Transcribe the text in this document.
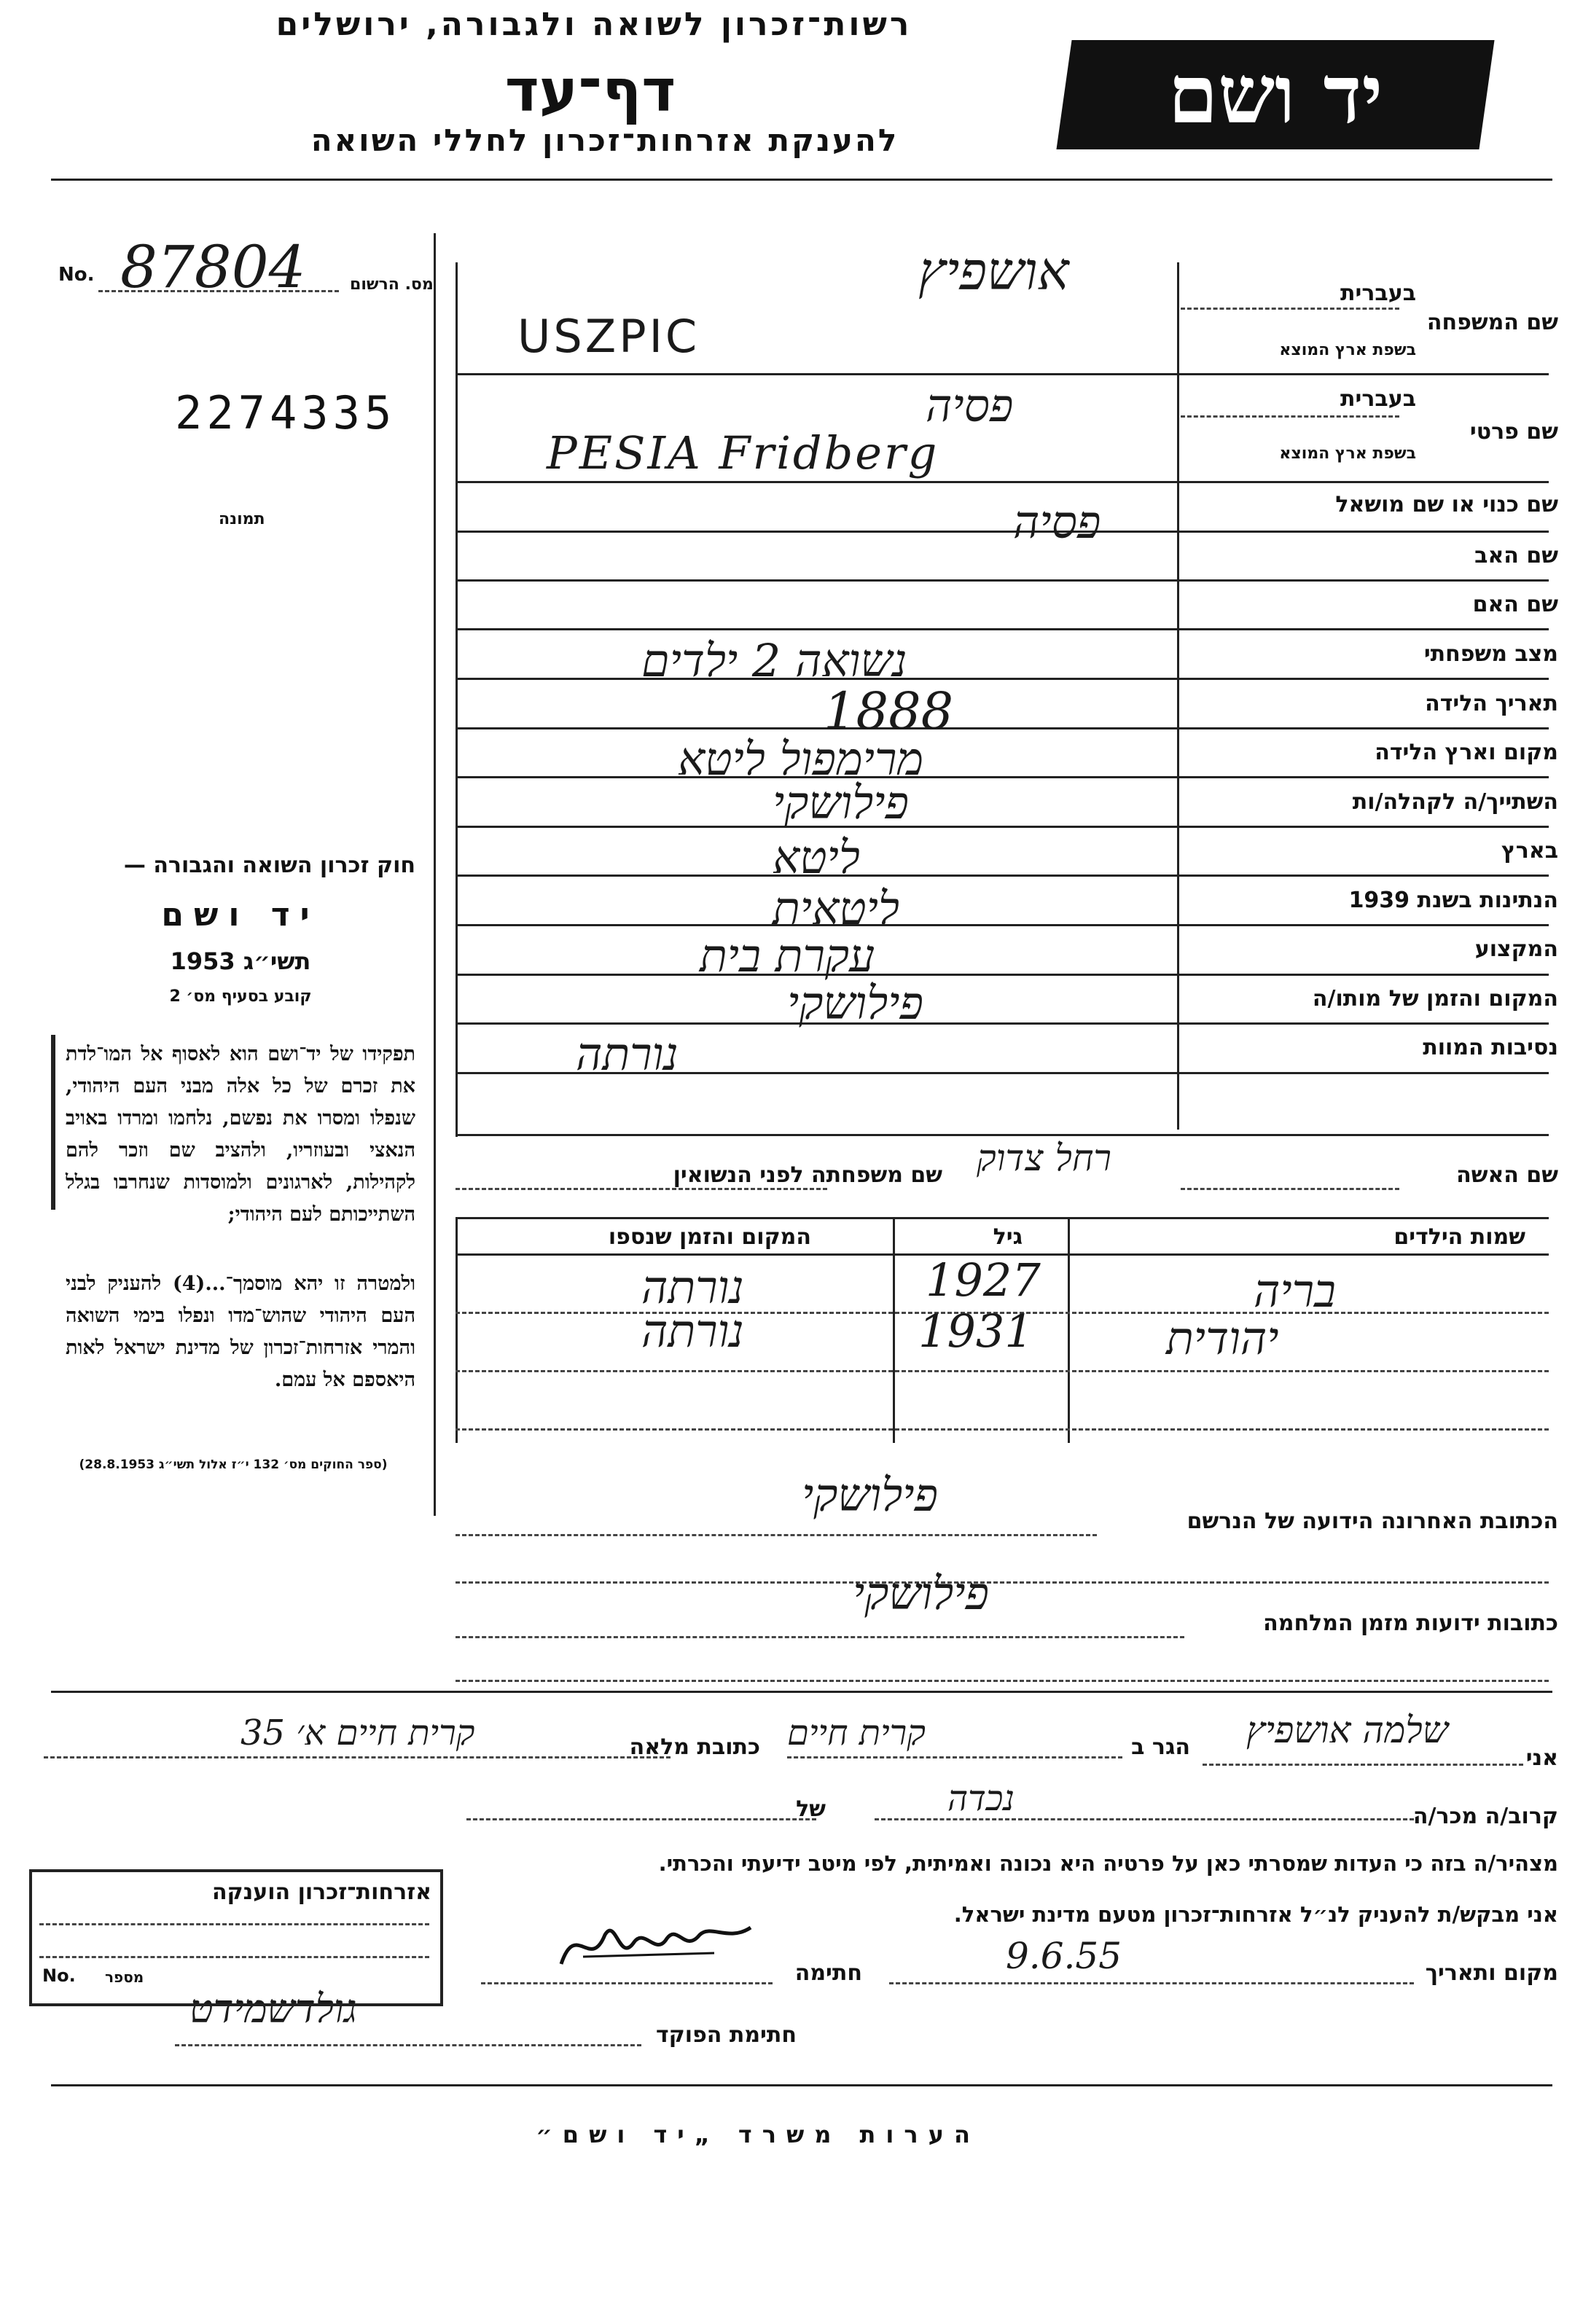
רשות־זכרון לשואה ולגבורה, ירושלים
דף־עד
להענקת אזרחות־זכרון לחללי השואה	יד ושם
No. 87804	מס. הרשום
2274335
תמונה
חוק זכרון השואה והגבורה —
יד ושם
תשי״ג 1953
קובע בסעיף מס׳ 2
תפקידו של יד־ושם הוא לאסוף אל המו־לדת את זכרם של כל אלה מבני העם היהודי, שנפלו ומסרו את נפשם, נלחמו ומרדו באויב הנאצי ובעוזריו, ולהציב שם וזכר להם לקהילות, לארגונים ולמוסדות שנחרבו בגלל השתייכותם לעם היהודי;
ולמטרה זו יהא מוסמך־...(4) להעניק לבני העם היהודי שהוש־מדו ונפלו בימי השואה והמרי אזרחות־זכרון של מדינת ישראל לאות היאספם אל עמם.
(ספר החוקים מס׳ 132 י״ז אלול תשי״ג 28.8.1953)
שם המשפחה
בעברית
בשפת ארץ המוצא
אושפיץ
USZPIC
שם פרטי
בעברית
בשפת ארץ המוצא
פסיה
PESIA Fridberg
שם כנוי או שם מושאל
פסיה
שם האב
שם האם
מצב משפחתי
נשואה 2 ילדים
תאריך הלידה
1888
מקום וארץ הלידה
מרימפול ליטא
השתייך/ה לקהלה/ות
פילושקי
בארץ
ליטא
הנתינות בשנת 1939
ליטאית
המקצוע
עקרת בית
המקום והזמן של מותו/ה
פילושקי
נסיבות המוות
נורתה
שם האשה
רחל צדוק
שם משפחתה לפני הנשואין
שמות הילדים
גיל
המקום והזמן שנספו
בריה
1927
נורתה
יהודית
1931
נורתה
הכתובת האחרונה הידועה של הנרשם
פילושקי
כתובות ידועות מזמן המלחמה
פילושקי
אני
שלמה אושפיץ
הגר ב
קרית חיים
כתובת מלאה
קרית חיים א׳ 35
קרוב/ה מכר/ה
נכדה
של
מצהיר/ה בזה כי העדות שמסרתי כאן על פרטיה היא נכונה ואמיתית, לפי מיטב ידיעתי והכרתי.
אני מבקש/ת להעניק לנ״ל אזרחות־זכרון מטעם מדינת ישראל.
מקום ותאריך
9.6.55
חתימה
חתימת הפוקד
גולדשמידט
אזרחות־זכרון הוענקה
No. מספר
הערות משרד „יד ושם״
